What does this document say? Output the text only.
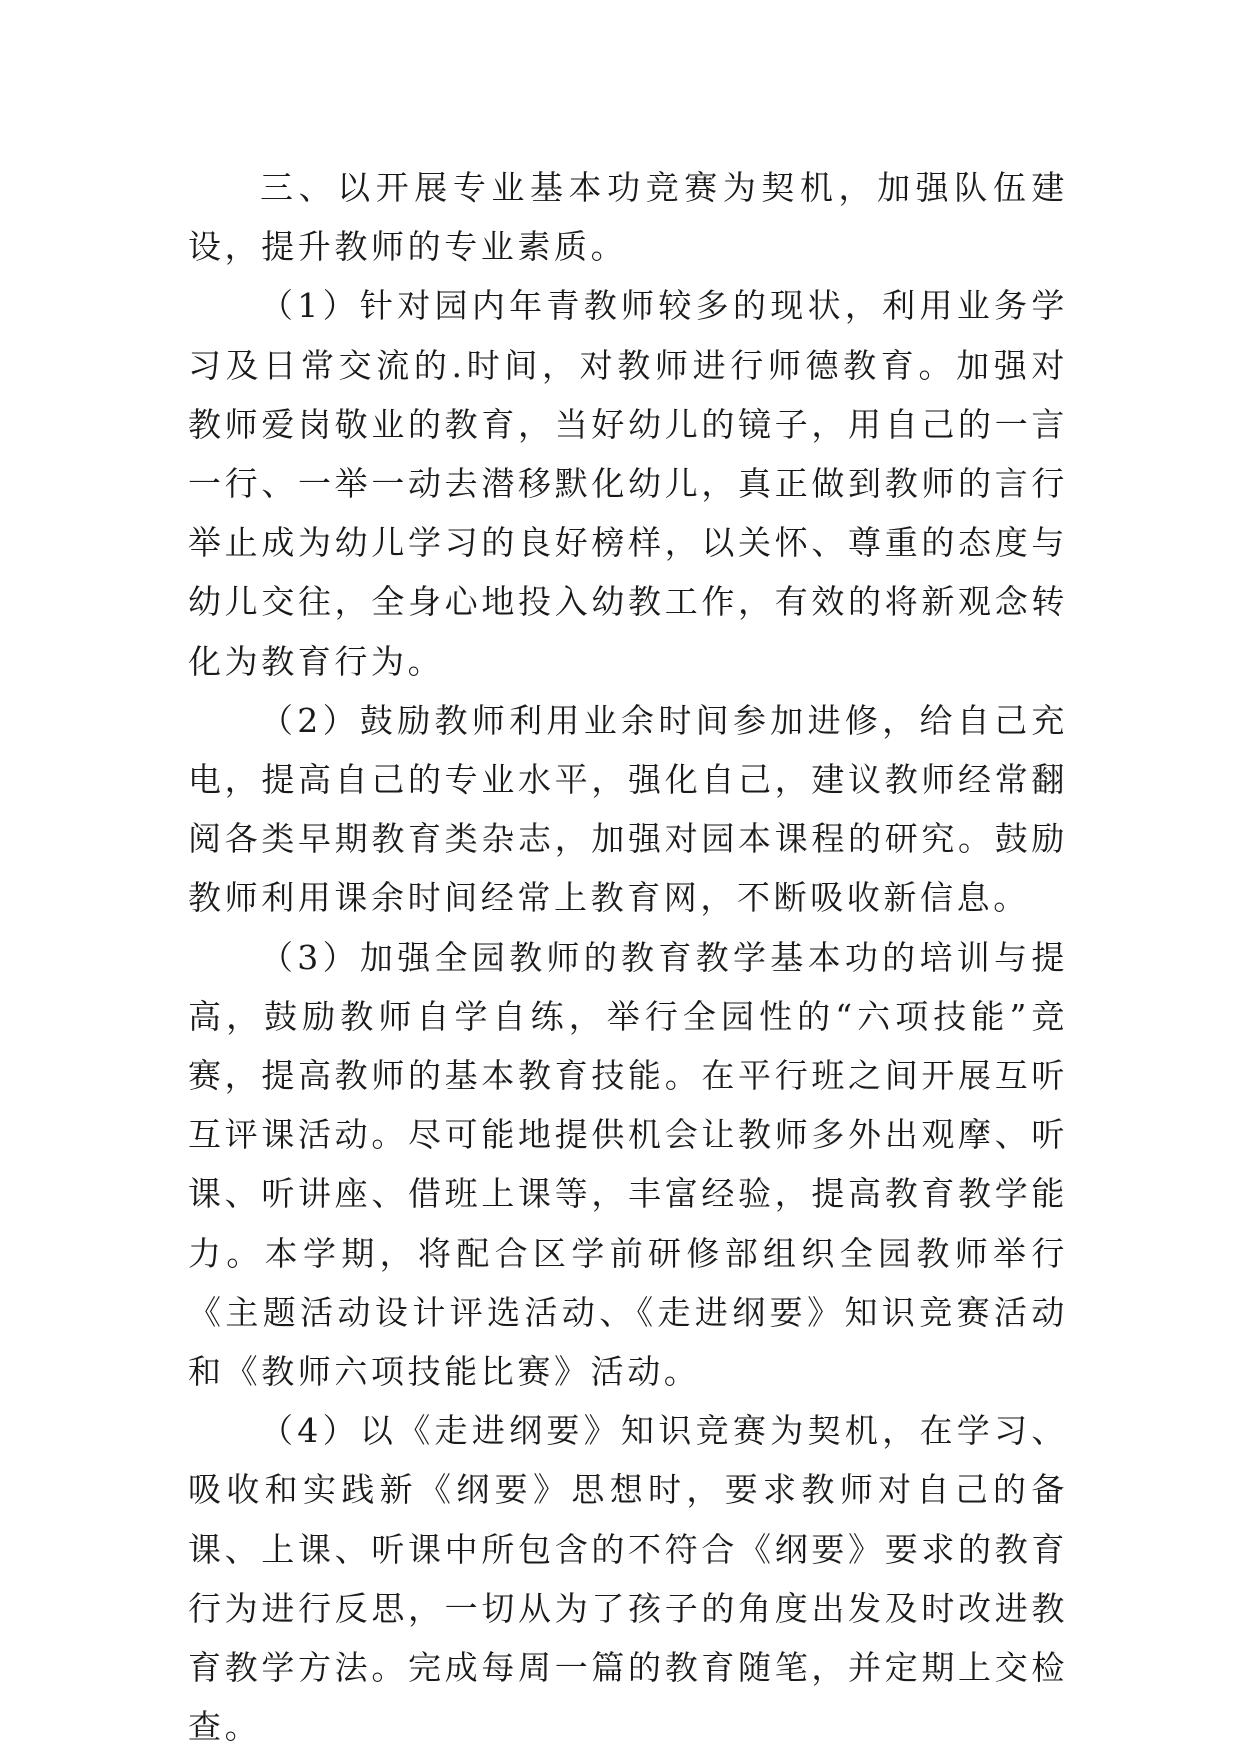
三、以开展专业基本功竞赛为契机，加强队伍建设，提升教师的专业素质。

（1）针对园内年青教师较多的现状，利用业务学习及日常交流的.时间，对教师进行师德教育。加强对教师爱岗敬业的教育，当好幼儿的镜子，用自己的一言一行、一举一动去潜移默化幼儿，真正做到教师的言行举止成为幼儿学习的良好榜样，以关怀、尊重的态度与幼儿交往，全身心地投入幼教工作，有效的将新观念转化为教育行为。

（2）鼓励教师利用业余时间参加进修，给自己充电，提高自己的专业水平，强化自己，建议教师经常翻阅各类早期教育类杂志，加强对园本课程的研究。鼓励教师利用课余时间经常上教育网，不断吸收新信息。

（3）加强全园教师的教育教学基本功的培训与提高，鼓励教师自学自练，举行全园性的“六项技能”竞赛，提高教师的基本教育技能。在平行班之间开展互听互评课活动。尽可能地提供机会让教师多外出观摩、听课、听讲座、借班上课等，丰富经验，提高教育教学能力。本学期，将配合区学前研修部组织全园教师举行《主题活动设计评选活动、《走进纲要》知识竞赛活动和《教师六项技能比赛》活动。

（4）以《走进纲要》知识竞赛为契机，在学习、吸收和实践新《纲要》思想时，要求教师对自己的备课、上课、听课中所包含的不符合《纲要》要求的教育行为进行反思，一切从为了孩子的角度出发及时改进教育教学方法。完成每周一篇的教育随笔，并定期上交检查。
